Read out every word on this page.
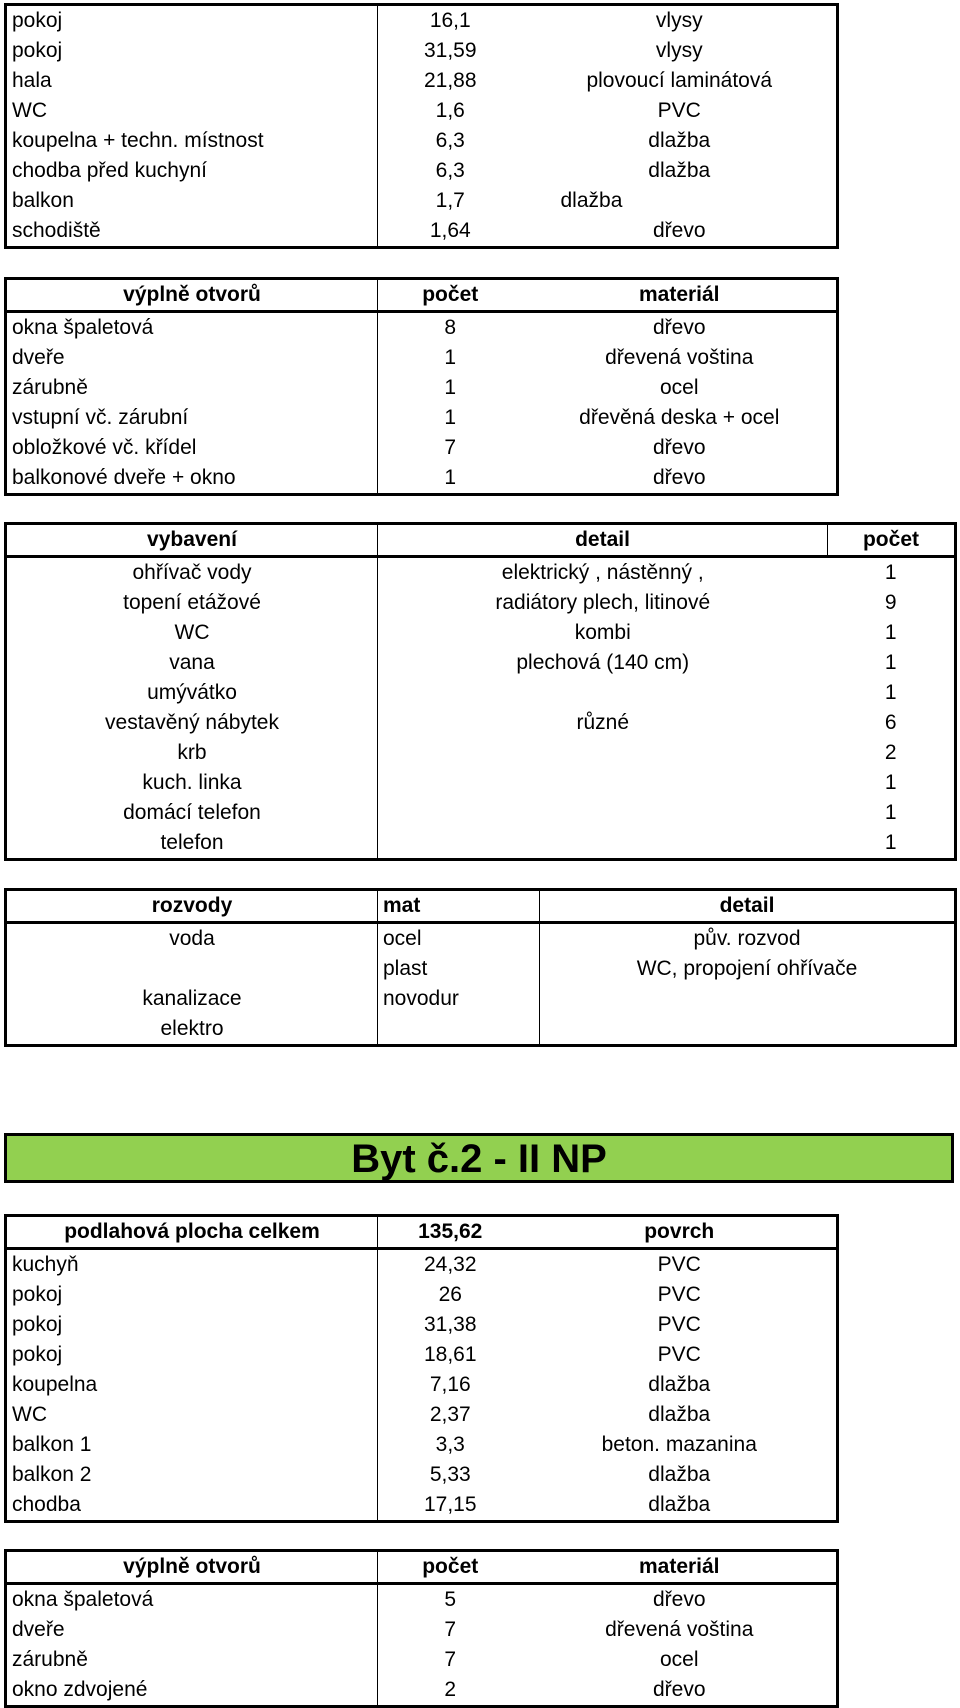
pokoj	16,1	vlysy
pokoj	31,59	vlysy
hala	21,88	plovoucí laminátová
WC	1,6	PVC
koupelna + techn. místnost	6,3	dlažba
chodba před kuchyní	6,3	dlažba
balkon	1,7	dlažba
schodiště	1,64	dřevo
výplně otvorů	počet	materiál
okna špaletová	8	dřevo
dveře	1	dřevená voština
zárubně	1	ocel
vstupní vč. zárubní	1	dřevěná deska + ocel
obložkové vč. křídel	7	dřevo
balkonové dveře + okno	1	dřevo
vybavení	detail	počet
ohřívač vody	elektrický , nástěnný ,	1
topení etážové	radiátory plech, litinové	9
WC	kombi	1
vana	plechová (140 cm)	1
umývátko		1
vestavěný nábytek	různé	6
krb		2
kuch. linka		1
domácí telefon		1
telefon		1
rozvody	mat	detail
voda	ocel	pův. rozvod
	plast	WC, propojení ohřívače
kanalizace	novodur	
elektro		
Byt č.2 - II NP
podlahová plocha celkem	135,62	povrch
kuchyň	24,32	PVC
pokoj	26	PVC
pokoj	31,38	PVC
pokoj	18,61	PVC
koupelna	7,16	dlažba
WC	2,37	dlažba
balkon 1	3,3	beton. mazanina
balkon 2	5,33	dlažba
chodba	17,15	dlažba
výplně otvorů	počet	materiál
okna špaletová	5	dřevo
dveře	7	dřevená voština
zárubně	7	ocel
okno zdvojené	2	dřevo
